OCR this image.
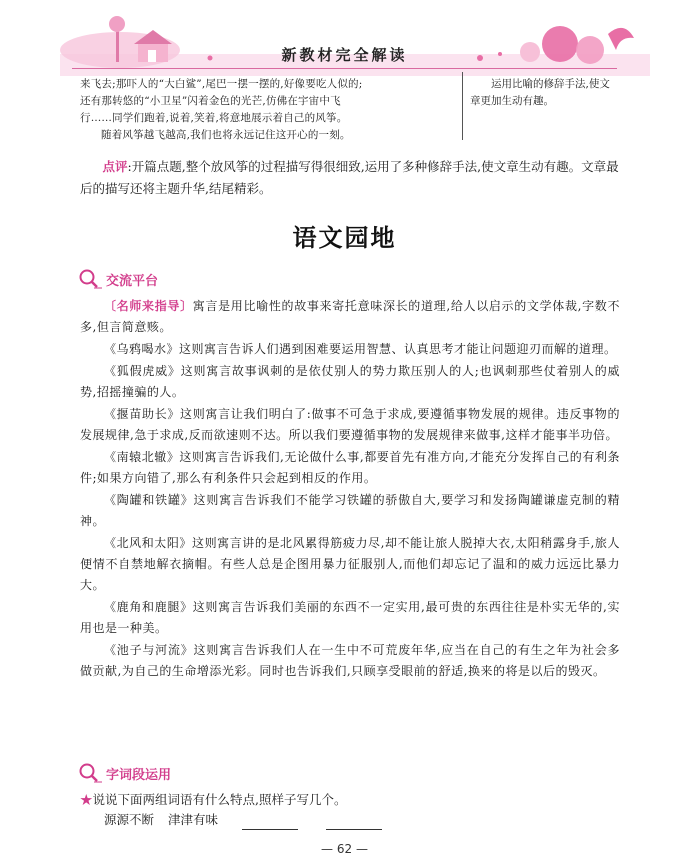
新教材完全解读

来飞去;那吓人的“大白鲨”,尾巴一摆一摆的,好像要吃人似的;

还有那转悠的“小卫星”闪着金色的光芒,仿佛在宇宙中飞

行……同学们跑着,说着,笑着,将意地展示着自己的风筝。

随着风筝越飞越高,我们也将永远记住这开心的一刻。

运用比喻的修辞手法,使文章更加生动有趣。

点评:开篇点题,整个放风筝的过程描写得很细致,运用了多种修辞手法,使文章生动有趣。文章最后的描写还将主题升华,结尾精彩。

语文园地
交流平台

〔名师来指导〕寓言是用比喻性的故事来寄托意味深长的道理,给人以启示的文学体裁,字数不多,但言简意赅。

《乌鸦喝水》这则寓言告诉人们遇到困难要运用智慧、认真思考才能让问题迎刃而解的道理。

《狐假虎威》这则寓言故事讽刺的是依仗别人的势力欺压别人的人;也讽刺那些仗着别人的威势,招摇撞骗的人。

《揠苗助长》这则寓言让我们明白了:做事不可急于求成,要遵循事物发展的规律。违反事物的发展规律,急于求成,反而欲速则不达。所以我们要遵循事物的发展规律来做事,这样才能事半功倍。

《南辕北辙》这则寓言告诉我们,无论做什么事,都要首先有准方向,才能充分发挥自己的有利条件;如果方向错了,那么有利条件只会起到相反的作用。

《陶罐和铁罐》这则寓言告诉我们不能学习铁罐的骄傲自大,要学习和发扬陶罐谦虚克制的精神。

《北风和太阳》这则寓言讲的是北风累得筋疲力尽,却不能让旅人脱掉大衣,太阳稍露身手,旅人便情不自禁地解衣摘帽。有些人总是企图用暴力征服别人,而他们却忘记了温和的威力远远比暴力大。

《鹿角和鹿腿》这则寓言告诉我们美丽的东西不一定实用,最可贵的东西往往是朴实无华的,实用也是一种美。

《池子与河流》这则寓言告诉我们人在一生中不可荒废年华,应当在自己的有生之年为社会多做贡献,为自己的生命增添光彩。同时也告诉我们,只顾享受眼前的舒适,换来的将是以后的毁灭。

字词段运用

★说说下面两组词语有什么特点,照样子写几个。

源源不断 津津有味
— 62 —
